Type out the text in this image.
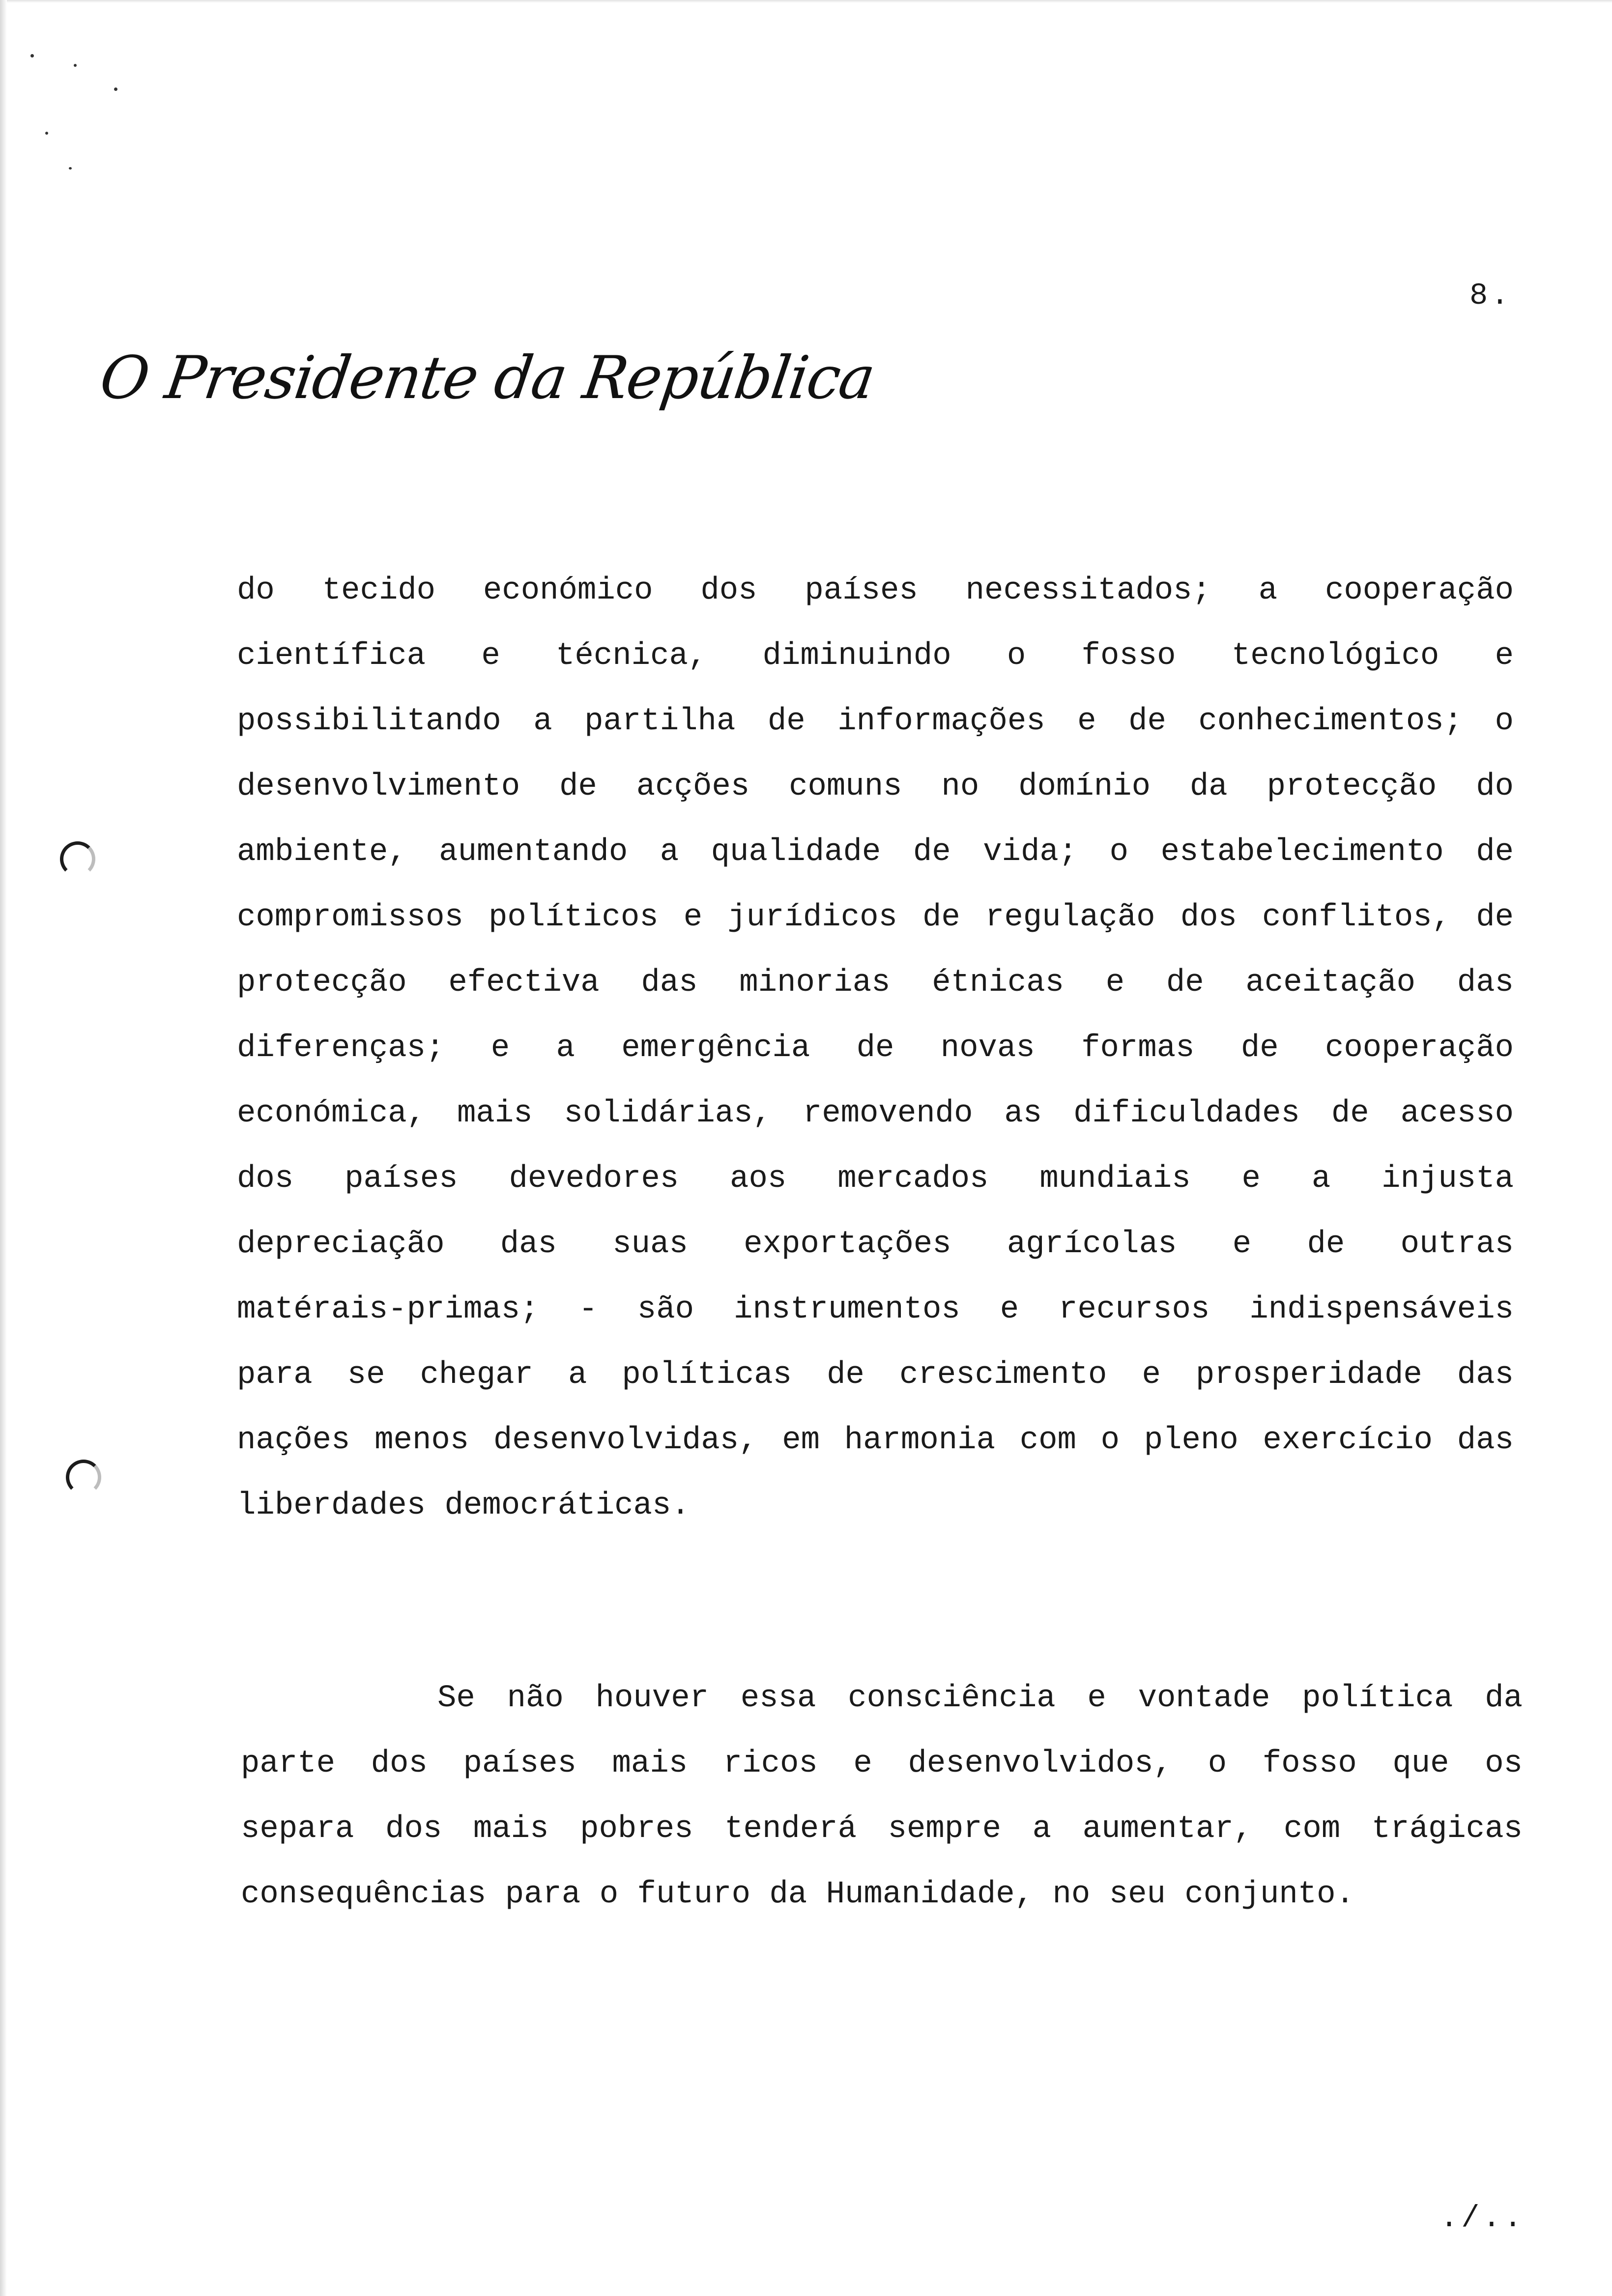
8.
O Presidente da República
do tecido económico dos países necessitados; a cooperação
científica e técnica, diminuindo o fosso tecnológico e
possibilitando a partilha de informações e de conhecimentos; o
desenvolvimento de acções comuns no domínio da protecção do
ambiente, aumentando a qualidade de vida; o estabelecimento de
compromissos políticos e jurídicos de regulação dos conflitos, de
protecção efectiva das minorias étnicas e de aceitação das
diferenças; e a emergência de novas formas de cooperação
económica, mais solidárias, removendo as dificuldades de acesso
dos países devedores aos mercados mundiais e a injusta
depreciação das suas exportações agrícolas e de outras
matérais-primas; - são instrumentos e recursos indispensáveis
para se chegar a políticas de crescimento e prosperidade das
nações menos desenvolvidas, em harmonia com o pleno exercício das
liberdades democráticas.
Se não houver essa consciência e vontade política da
parte dos países mais ricos e desenvolvidos, o fosso que os
separa dos mais pobres tenderá sempre a aumentar, com trágicas
consequências para o futuro da Humanidade, no seu conjunto.
./..
